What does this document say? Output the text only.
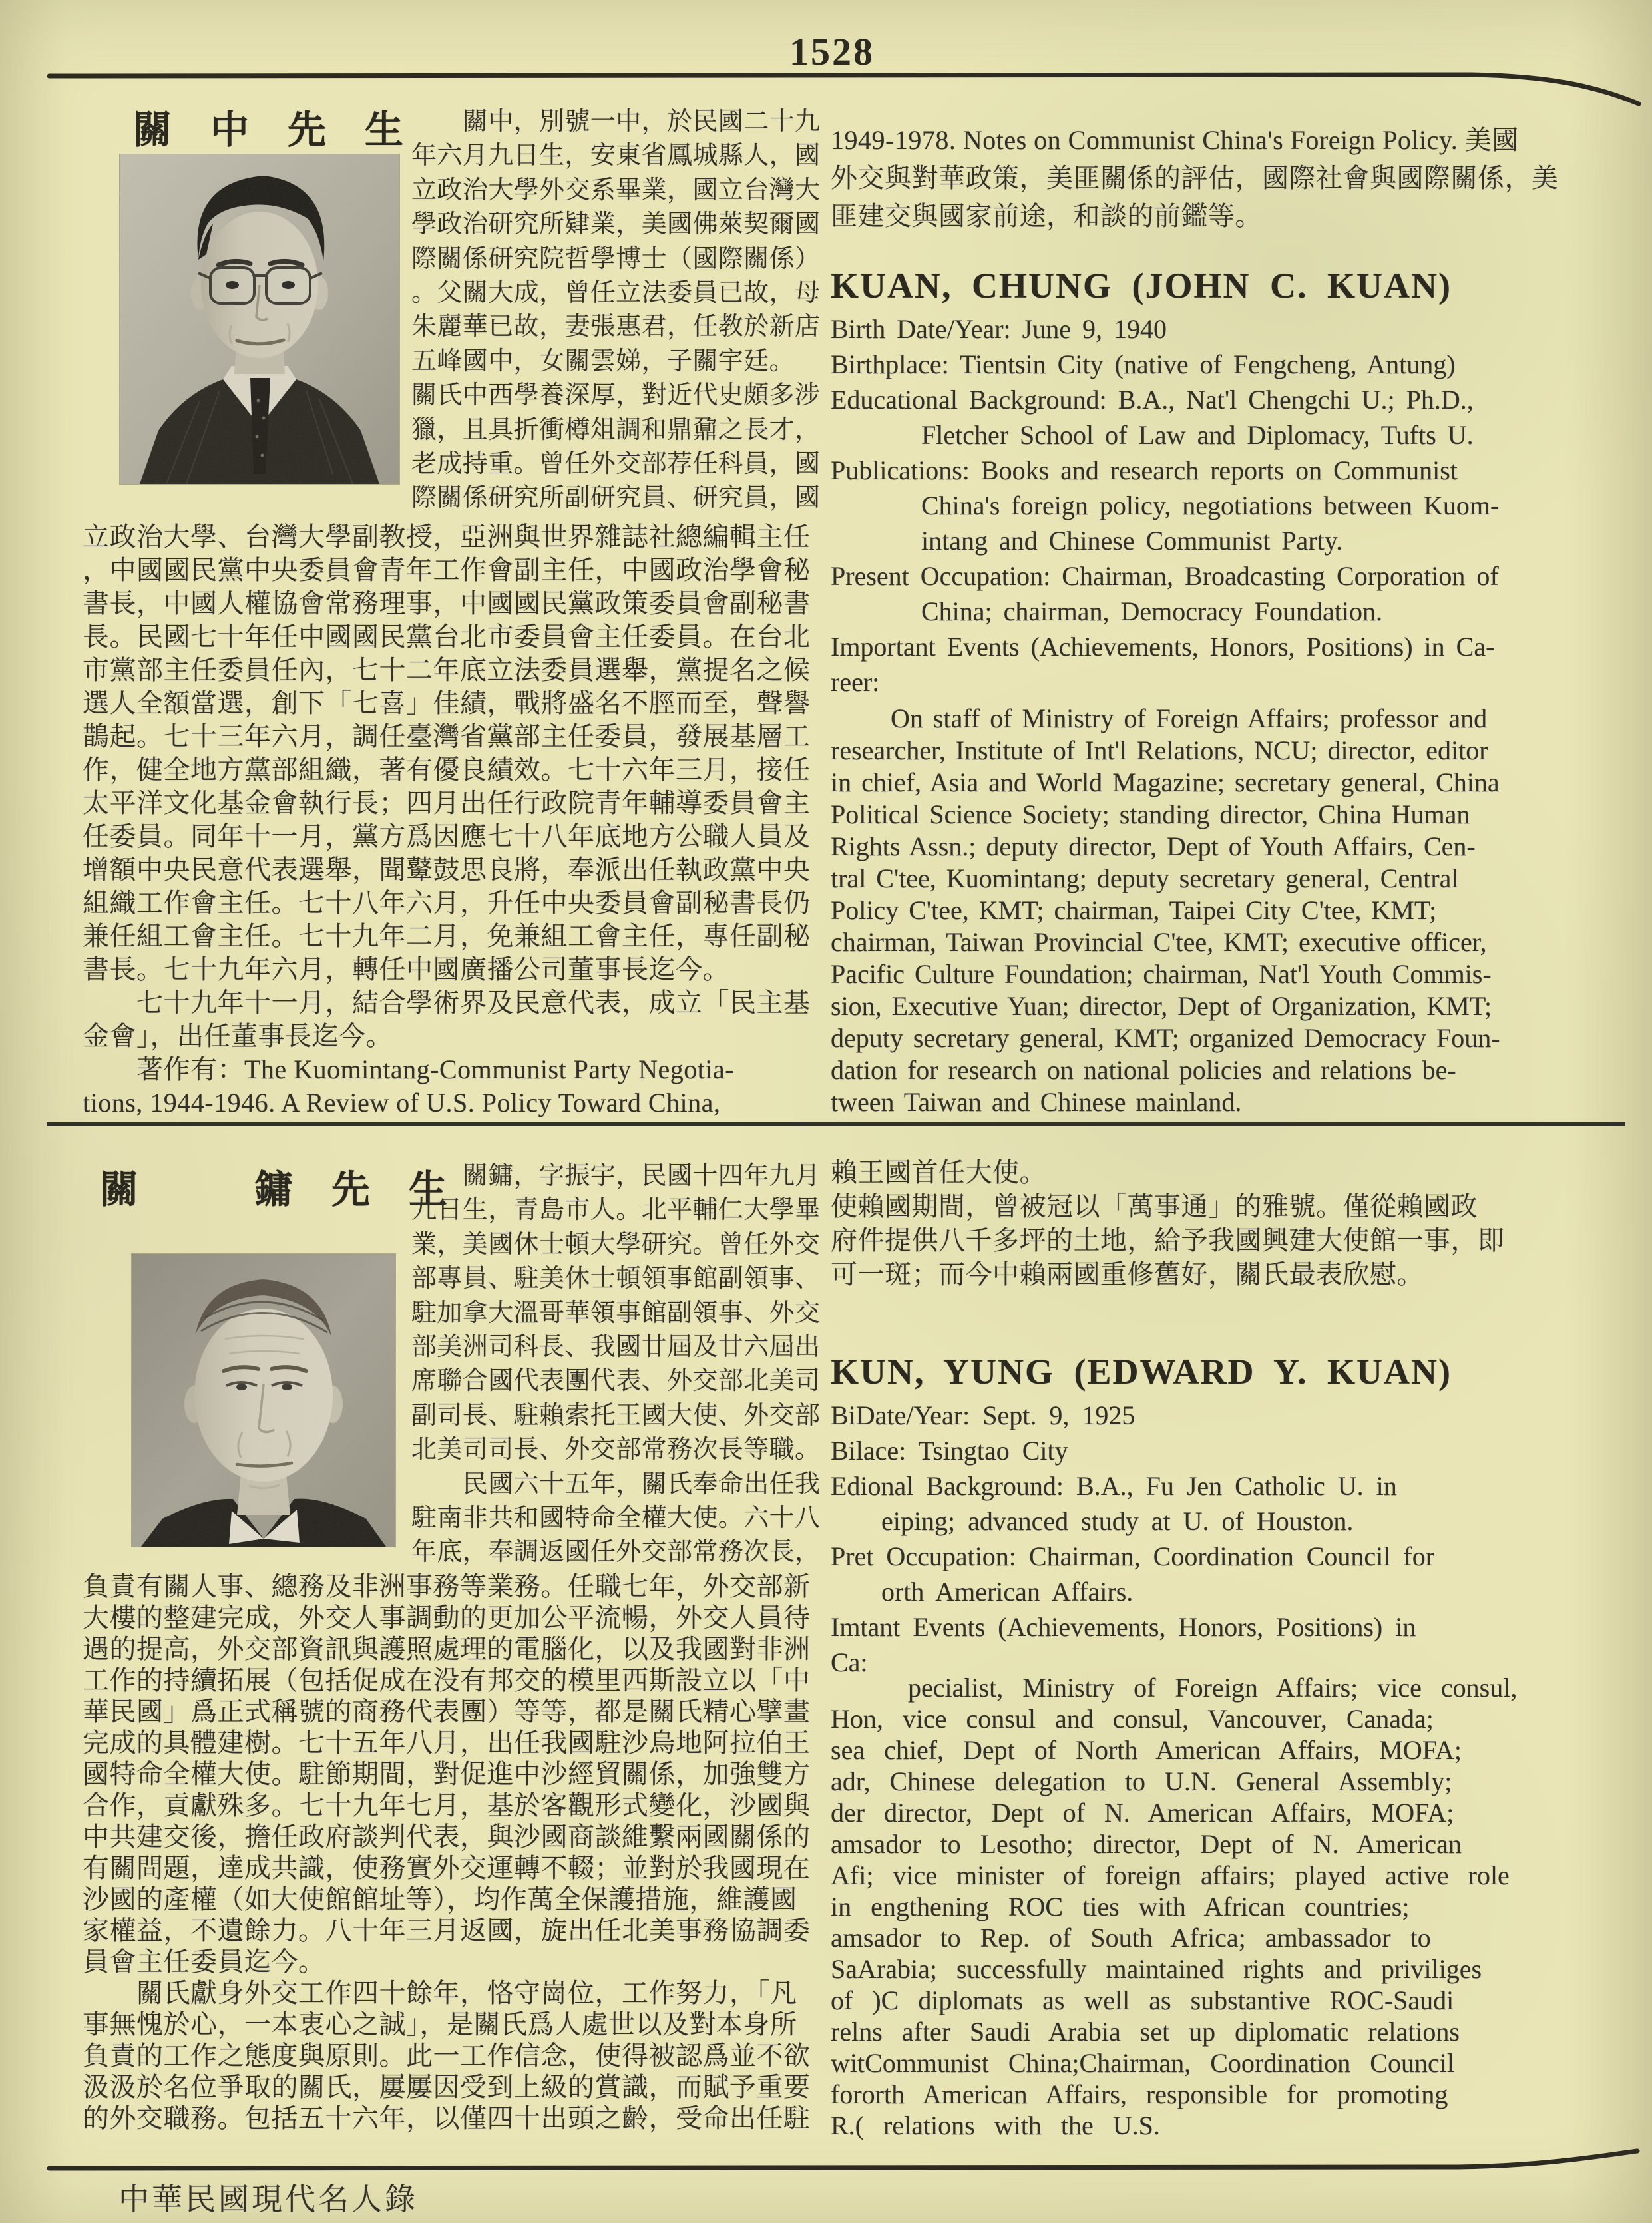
1528
關　中　先　生 　　關中，別號一中，於民國二十九
年六月九日生，安東省鳳城縣人，國
立政治大學外交系畢業，國立台灣大
學政治研究所肄業，美國佛萊契爾國
際關係研究院哲學博士（國際關係）
。父關大成，曾任立法委員已故，母
朱麗華已故，妻張惠君，任教於新店
五峰國中，女關雲娣，子關宇廷。
關氏中西學養深厚，對近代史頗多涉
獵，且具折衝樽俎調和鼎鼐之長才，
老成持重。曾任外交部荐任科員，國
際關係研究所副研究員、研究員，國
立政治大學、台灣大學副教授，亞洲與世界雜誌社總編輯主任
，中國國民黨中央委員會青年工作會副主任，中國政治學會秘
書長，中國人權協會常務理事，中國國民黨政策委員會副秘書
長。民國七十年任中國國民黨台北市委員會主任委員。在台北
市黨部主任委員任內，七十二年底立法委員選舉，黨提名之候
選人全額當選，創下「七喜」佳績，戰將盛名不脛而至，聲譽
鵲起。七十三年六月，調任臺灣省黨部主任委員，發展基層工
作，健全地方黨部組織，著有優良績效。七十六年三月，接任
太平洋文化基金會執行長；四月出任行政院青年輔導委員會主
任委員。同年十一月，黨方爲因應七十八年底地方公職人員及
增額中央民意代表選舉，聞鼙鼓思良將，奉派出任執政黨中央
組織工作會主任。七十八年六月，升任中央委員會副秘書長仍
兼任組工會主任。七十九年二月，免兼組工會主任，專任副秘
書長。七十九年六月，轉任中國廣播公司董事長迄今。
　　七十九年十一月，結合學術界及民意代表，成立「民主基
金會」，出任董事長迄今。
　　著作有：The Kuomintang-Communist Party Negotia-
tions, 1944-1946. A Review of U.S. Policy Toward China,
1949-1978. Notes on Communist China's Foreign Policy. 美國
外交與對華政策，美匪關係的評估，國際社會與國際關係，美
匪建交與國家前途，和談的前鑑等。
KUAN, CHUNG (JOHN C. KUAN)
Birth Date/Year: June 9, 1940
Birthplace: Tientsin City (native of Fengcheng, Antung)
Educational Background: B.A., Nat'l Chengchi U.; Ph.D.,
Fletcher School of Law and Diplomacy, Tufts U.
Publications: Books and research reports on Communist
China's foreign policy, negotiations between Kuom-
intang and Chinese Communist Party.
Present Occupation: Chairman, Broadcasting Corporation of
China; chairman, Democracy Foundation.
Important Events (Achievements, Honors, Positions) in Ca-
reer:
On staff of Ministry of Foreign Affairs; professor and
researcher, Institute of Int'l Relations, NCU; director, editor
in chief, Asia and World Magazine; secretary general, China
Political Science Society; standing director, China Human
Rights Assn.; deputy director, Dept of Youth Affairs, Cen-
tral C'tee, Kuomintang; deputy secretary general, Central
Policy C'tee, KMT; chairman, Taipei City C'tee, KMT;
chairman, Taiwan Provincial C'tee, KMT; executive officer,
Pacific Culture Foundation; chairman, Nat'l Youth Commis-
sion, Executive Yuan; director, Dept of Organization, KMT;
deputy secretary general, KMT; organized Democracy Foun-
dation for research on national policies and relations be-
tween Taiwan and Chinese mainland.
關　　　鏞　先　生
　　關鏞，字振宇，民國十四年九月
九日生，青島市人。北平輔仁大學畢
業，美國休士頓大學研究。曾任外交
部專員、駐美休士頓領事館副領事、
駐加拿大溫哥華領事館副領事、外交
部美洲司科長、我國廿屆及廿六屆出
席聯合國代表團代表、外交部北美司
副司長、駐賴索托王國大使、外交部
北美司司長、外交部常務次長等職。
　　民國六十五年，關氏奉命出任我
駐南非共和國特命全權大使。六十八
年底，奉調返國任外交部常務次長，
負責有關人事、總務及非洲事務等業務。任職七年，外交部新
大樓的整建完成，外交人事調動的更加公平流暢，外交人員待
遇的提高，外交部資訊與護照處理的電腦化，以及我國對非洲
工作的持續拓展（包括促成在没有邦交的模里西斯設立以「中
華民國」爲正式稱號的商務代表團）等等，都是關氏精心擘畫
完成的具體建樹。七十五年八月，出任我國駐沙烏地阿拉伯王
國特命全權大使。駐節期間，對促進中沙經貿關係，加強雙方
合作，貢獻殊多。七十九年七月，基於客觀形式變化，沙國與
中共建交後，擔任政府談判代表，與沙國商談維繫兩國關係的
有關問題，達成共識，使務實外交運轉不輟；並對於我國現在
沙國的產權（如大使館館址等），均作萬全保護措施，維護國
家權益，不遺餘力。八十年三月返國，旋出任北美事務協調委
員會主任委員迄今。
　　關氏獻身外交工作四十餘年，恪守崗位，工作努力，「凡
事無愧於心，一本衷心之誠」，是關氏爲人處世以及對本身所
負責的工作之態度與原則。此一工作信念，使得被認爲並不欲
汲汲於名位爭取的關氏，屢屢因受到上級的賞識，而賦予重要
的外交職務。包括五十六年，以僅四十出頭之齡，受命出任駐
賴王國首任大使。
使賴國期間，曾被冠以「萬事通」的雅號。僅從賴國政
府件提供八千多坪的土地，給予我國興建大使館一事，即
可一斑；而今中賴兩國重修舊好，關氏最表欣慰。
KUN, YUNG (EDWARD Y. KUAN)
BiDate/Year: Sept. 9, 1925
Bilace: Tsingtao City
Edional Background: B.A., Fu Jen Catholic U. in
eiping; advanced study at U. of Houston.
Pret Occupation: Chairman, Coordination Council for
orth American Affairs.
Imtant Events (Achievements, Honors, Positions) in
Ca:
pecialist, Ministry of Foreign Affairs; vice consul,
Hon, vice consul and consul, Vancouver, Canada;
sea chief, Dept of North American Affairs, MOFA;
adr, Chinese delegation to U.N. General Assembly;
der director, Dept of N. American Affairs, MOFA;
amsador to Lesotho; director, Dept of N. American
Afi; vice minister of foreign affairs; played active role
in engthening ROC ties with African countries;
amsador to Rep. of South Africa; ambassador to
SaArabia; successfully maintained rights and priviliges
of )C diplomats as well as substantive ROC-Saudi
relns after Saudi Arabia set up diplomatic relations
witCommunist China;Chairman, Coordination Council
fororth American Affairs, responsible for promoting
R.( relations with the U.S.
中華民國現代名人錄
